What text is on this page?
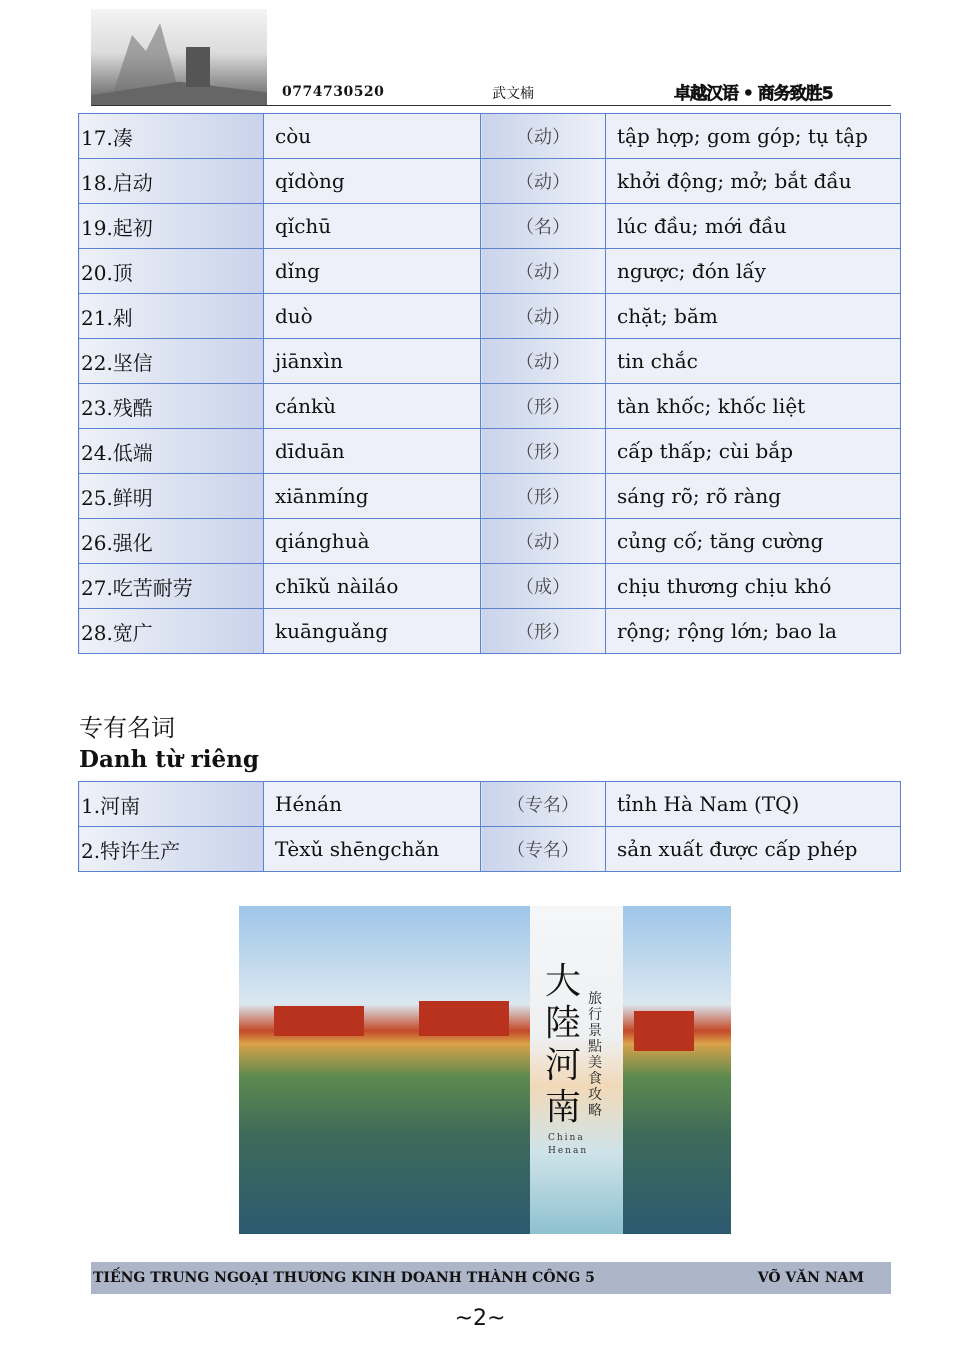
0774730520	武文楠	卓越汉语 • 商务致胜5
17.凑	còu	（动）	tập hợp; gom góp; tụ tập
18.启动	qǐdòng	（动）	khởi động; mở; bắt đầu
19.起初	qǐchū	（名）	lúc đầu; mới đầu
20.顶	dǐng	（动）	ngược; đón lấy
21.剁	duò	（动）	chặt; băm
22.坚信	jiānxìn	（动）	tin chắc
23.残酷	cánkù	（形）	tàn khốc; khốc liệt
24.低端	dīduān	（形）	cấp thấp; cùi bắp
25.鲜明	xiānmíng	（形）	sáng rõ; rõ ràng
26.强化	qiánghuà	（动）	củng cố; tăng cường
27.吃苦耐劳	chīkǔ nàiláo	（成）	chịu thương chịu khó
28.宽广	kuānguǎng	（形）	rộng; rộng lớn; bao la
专有名词
Danh từ riêng
1.河南	Hénán	（专名）	tỉnh Hà Nam (TQ)
2.特许生产	Tèxǔ shēngchǎn	（专名）	sản xuất được cấp phép
大陸河南
旅行景點美食攻略
China
Henan
TIẾNG TRUNG NGOẠI THƯƠNG KINH DOANH THÀNH CÔNG 5	VÕ VĂN NAM
~2~
